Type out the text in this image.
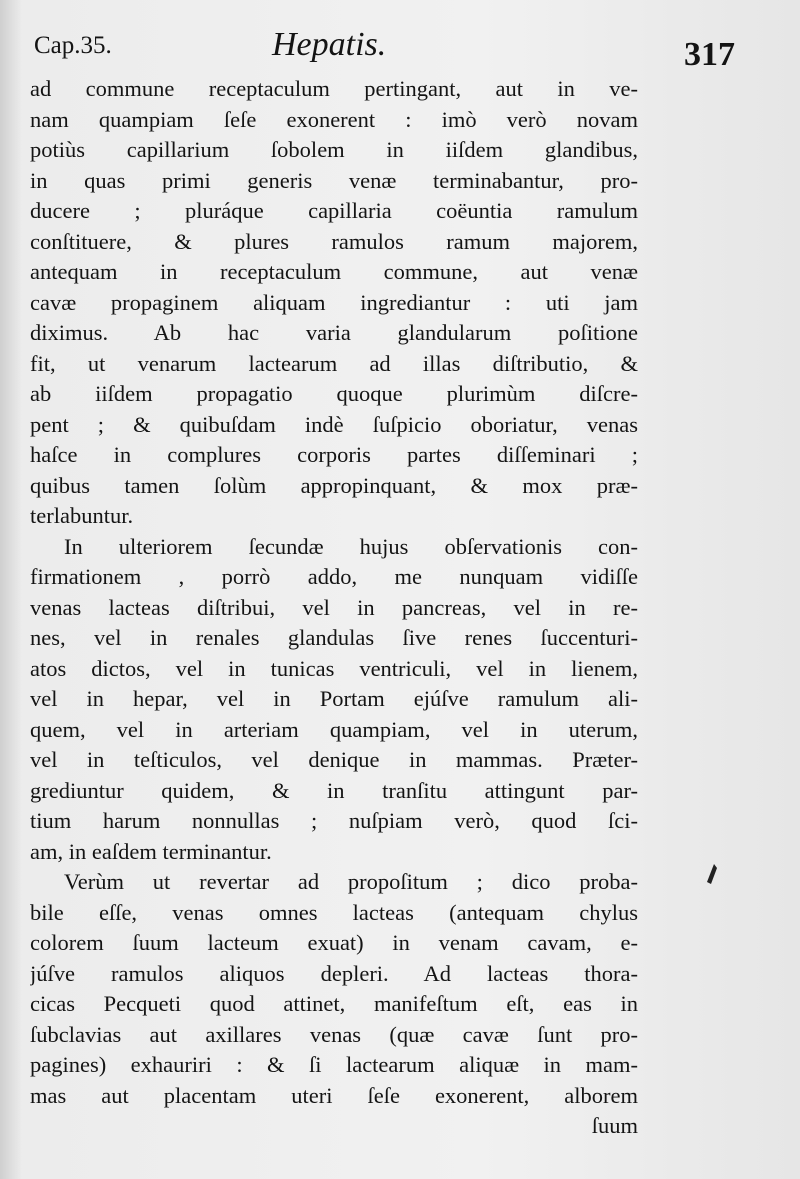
Cap.35.	Hepatis.	317
ad commune receptaculum pertingant, aut in ve-
nam quampiam ſeſe exonerent : imò verò novam
potiùs capillarium ſobolem in iiſdem glandibus,
in quas primi generis venæ terminabantur, pro-
ducere ; pluráque capillaria coëuntia ramulum
conſtituere, & plures ramulos ramum majorem,
antequam in receptaculum commune, aut venæ
cavæ propaginem aliquam ingrediantur : uti jam
diximus. Ab hac varia glandularum poſitione
fit, ut venarum lactearum ad illas diſtributio, &
ab iiſdem propagatio quoque plurimùm diſcre-
pent ; & quibuſdam indè ſuſpicio oboriatur, venas
haſce in complures corporis partes diſſeminari ;
quibus tamen ſolùm appropinquant, & mox præ-
terlabuntur.
In ulteriorem ſecundæ hujus obſervationis con-
firmationem , porrò addo, me nunquam vidiſſe
venas lacteas diſtribui, vel in pancreas, vel in re-
nes, vel in renales glandulas ſive renes ſuccenturi-
atos dictos, vel in tunicas ventriculi, vel in lienem,
vel in hepar, vel in Portam ejúſve ramulum ali-
quem, vel in arteriam quampiam, vel in uterum,
vel in teſticulos, vel denique in mammas. Præter-
grediuntur quidem, & in tranſitu attingunt par-
tium harum nonnullas ; nuſpiam verò, quod ſci-
am, in eaſdem terminantur.
Verùm ut revertar ad propoſitum ; dico proba-
bile eſſe, venas omnes lacteas (antequam chylus
colorem ſuum lacteum exuat) in venam cavam, e-
júſve ramulos aliquos depleri. Ad lacteas thora-
cicas Pecqueti quod attinet, manifeſtum eſt, eas in
ſubclavias aut axillares venas (quæ cavæ ſunt pro-
pagines) exhauriri : & ſi lactearum aliquæ in mam-
mas aut placentam uteri ſeſe exonerent, alborem
ſuum
